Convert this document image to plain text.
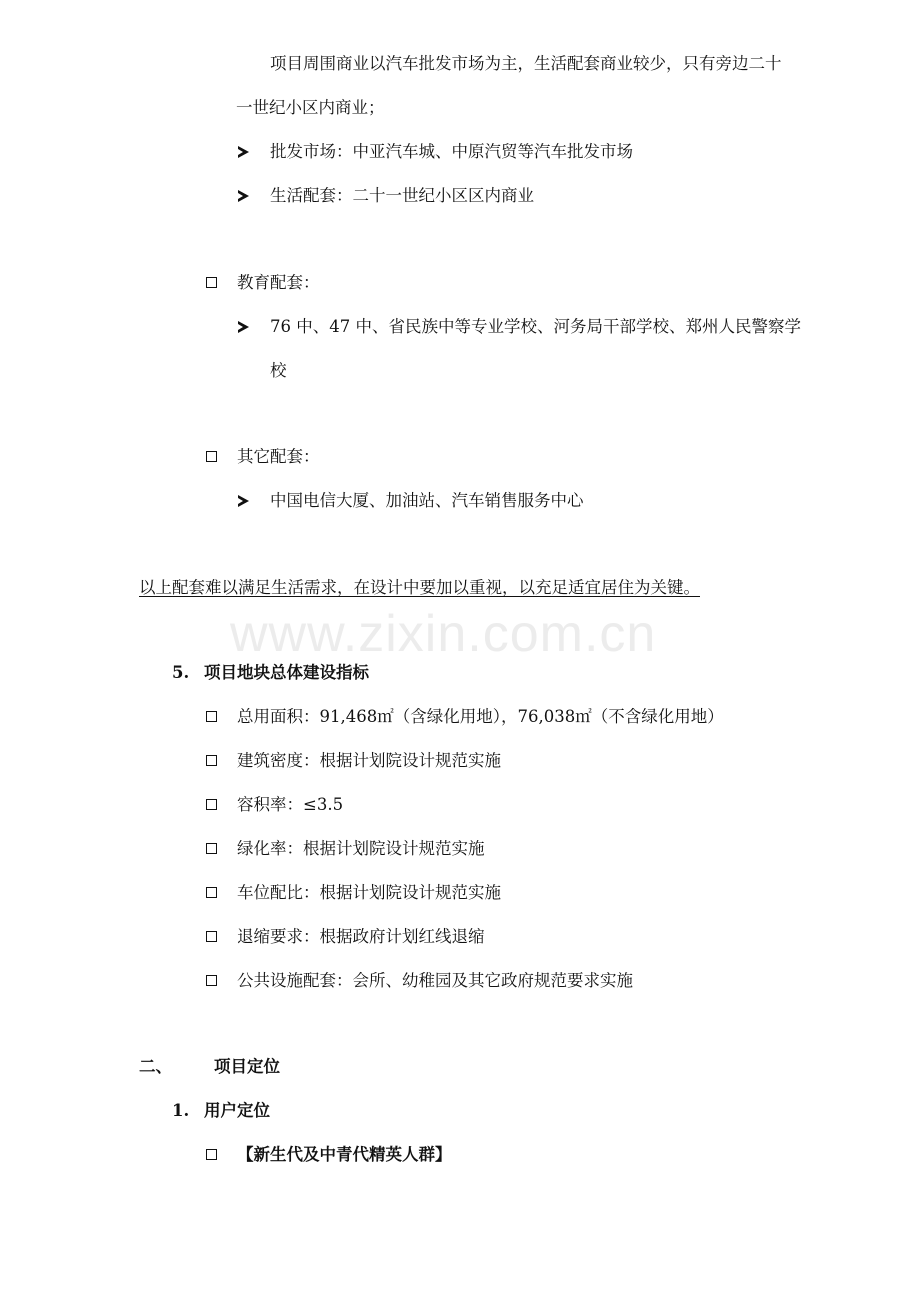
项目周围商业以汽车批发市场为主，生活配套商业较少，只有旁边二十
一世纪小区内商业；
批发市场：中亚汽车城、中原汽贸等汽车批发市场
生活配套：二十一世纪小区区内商业
教育配套：
76 中、47 中、省民族中等专业学校、河务局干部学校、郑州人民警察学
校
其它配套：
中国电信大厦、加油站、汽车销售服务中心
以上配套难以满足生活需求，在设计中要加以重视，以充足适宜居住为关键。
www.zixin.com.cn
5. 项目地块总体建设指标
总用面积：91,468㎡（含绿化用地），76,038㎡（不含绿化用地）
建筑密度：根据计划院设计规范实施
容积率：≤3.5
绿化率：根据计划院设计规范实施
车位配比：根据计划院设计规范实施
退缩要求：根据政府计划红线退缩
公共设施配套：会所、幼稚园及其它政府规范要求实施
二、	项目定位
1. 用户定位
【新生代及中青代精英人群】
